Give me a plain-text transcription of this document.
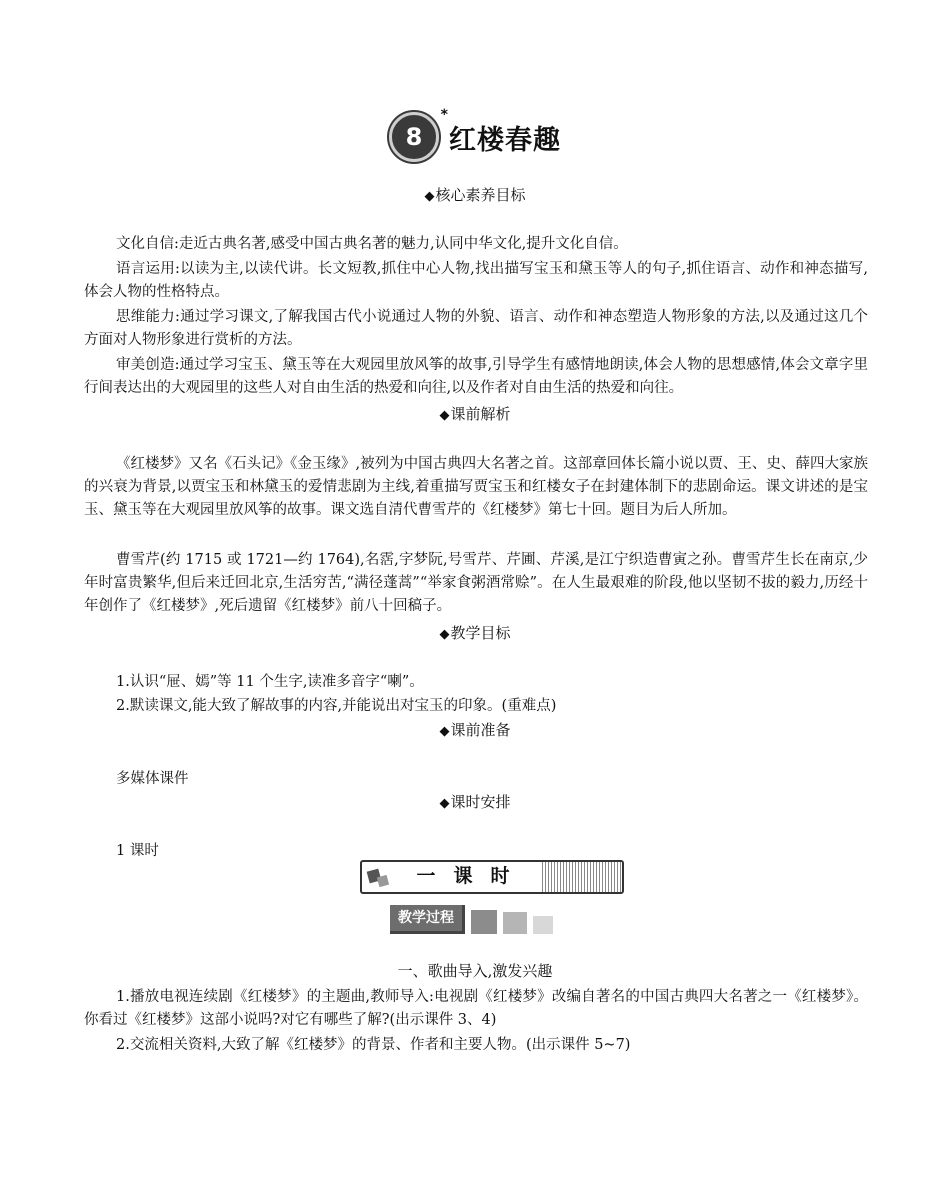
8
*
红楼春趣
◆核心素养目标

文化自信:走近古典名著,感受中国古典名著的魅力,认同中华文化,提升文化自信。

语言运用:以读为主,以读代讲。长文短教,抓住中心人物,找出描写宝玉和黛玉等人的句子,抓住语言、动作和神态描写,体会人物的性格特点。

思维能力:通过学习课文,了解我国古代小说通过人物的外貌、语言、动作和神态塑造人物形象的方法,以及通过这几个方面对人物形象进行赏析的方法。

审美创造:通过学习宝玉、黛玉等在大观园里放风筝的故事,引导学生有感情地朗读,体会人物的思想感情,体会文章字里行间表达出的大观园里的这些人对自由生活的热爱和向往,以及作者对自由生活的热爱和向往。

◆课前解析

《红楼梦》又名《石头记》《金玉缘》,被列为中国古典四大名著之首。这部章回体长篇小说以贾、王、史、薛四大家族的兴衰为背景,以贾宝玉和林黛玉的爱情悲剧为主线,着重描写贾宝玉和红楼女子在封建体制下的悲剧命运。课文讲述的是宝玉、黛玉等在大观园里放风筝的故事。课文选自清代曹雪芹的《红楼梦》第七十回。题目为后人所加。

曹雪芹(约 1715 或 1721—约 1764),名霑,字梦阮,号雪芹、芹圃、芹溪,是江宁织造曹寅之孙。曹雪芹生长在南京,少年时富贵繁华,但后来迁回北京,生活穷苦,“满径蓬蒿”“举家食粥酒常赊”。在人生最艰难的阶段,他以坚韧不拔的毅力,历经十年创作了《红楼梦》,死后遗留《红楼梦》前八十回稿子。

◆教学目标

1.认识“屉、嫣”等 11 个生字,读准多音字“喇”。

2.默读课文,能大致了解故事的内容,并能说出对宝玉的印象。(重难点)

◆课前准备

多媒体课件

◆课时安排

1 课时

一课时
教学过程
一、歌曲导入,激发兴趣

1.播放电视连续剧《红楼梦》的主题曲,教师导入:电视剧《红楼梦》改编自著名的中国古典四大名著之一《红楼梦》。你看过《红楼梦》这部小说吗?对它有哪些了解?(出示课件 3、4)

2.交流相关资料,大致了解《红楼梦》的背景、作者和主要人物。(出示课件 5~7)
